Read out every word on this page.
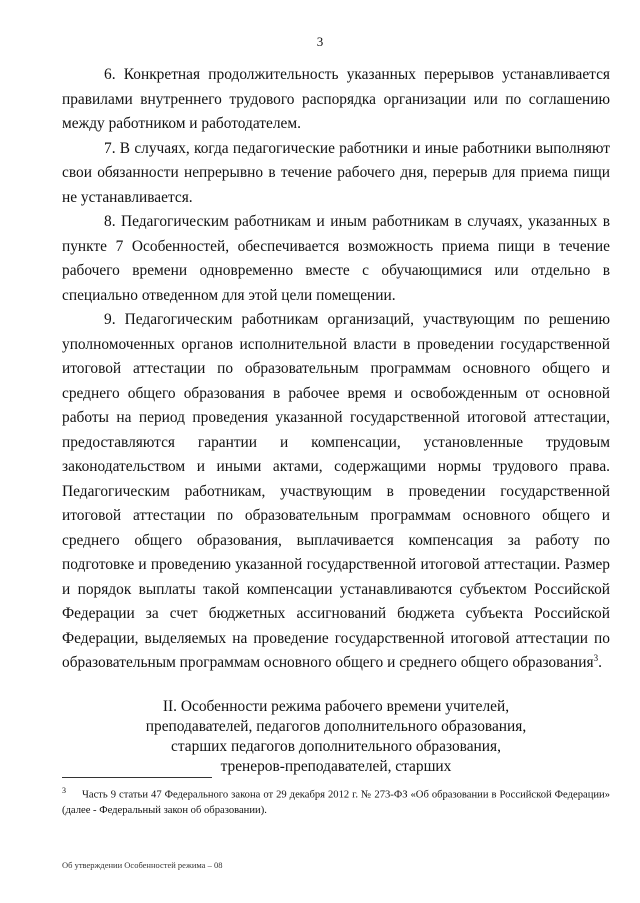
3

6. Конкретная продолжительность указанных перерывов устанавливается правилами внутреннего трудового распорядка организации или по соглашению между работником и работодателем.

7. В случаях, когда педагогические работники и иные работники выполняют свои обязанности непрерывно в течение рабочего дня, перерыв для приема пищи не устанавливается.

8. Педагогическим работникам и иным работникам в случаях, указанных в пункте 7 Особенностей, обеспечивается возможность приема пищи в течение рабочего времени одновременно вместе с обучающимися или отдельно в специально отведенном для этой цели помещении.

9. Педагогическим работникам организаций, участвующим по решению уполномоченных органов исполнительной власти в проведении государственной итоговой аттестации по образовательным программам основного общего и среднего общего образования в рабочее время и освобожденным от основной работы на период проведения указанной государственной итоговой аттестации, предоставляются гарантии и компенсации, установленные трудовым законодательством и иными актами, содержащими нормы трудового права. Педагогическим работникам, участвующим в проведении государственной итоговой аттестации по образовательным программам основного общего и среднего общего образования, выплачивается компенсация за работу по подготовке и проведению указанной государственной итоговой аттестации. Размер и порядок выплаты такой компенсации устанавливаются субъектом Российской Федерации за счет бюджетных ассигнований бюджета субъекта Российской Федерации, выделяемых на проведение государственной итоговой аттестации по образовательным программам основного общего и среднего общего образования$^3$.

II. Особенности режима рабочего времени учителей,
преподавателей, педагогов дополнительного образования,
старших педагогов дополнительного образования,
тренеров-преподавателей, старших
$^3$ Часть 9 статьи 47 Федерального закона от 29 декабря 2012 г. № 273-ФЗ «Об образовании в Российской Федерации» (далее - Федеральный закон об образовании).
Об утверждении Особенностей режима – 08
